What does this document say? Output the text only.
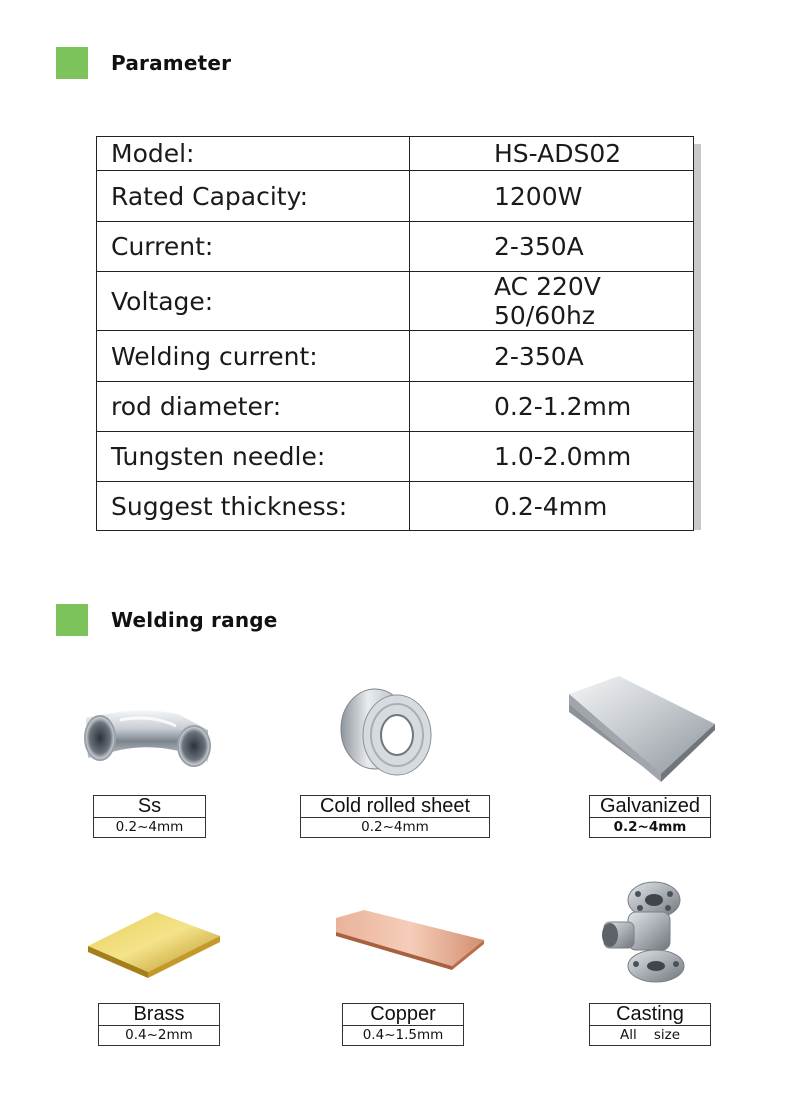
Parameter
Model:	HS-ADS02
Rated Capacity:	1200W
Current:	2-350A
Voltage:	AC 220V 50/60hz
Welding current:	2-350A
rod diameter:	0.2-1.2mm
Tungsten needle:	1.0-2.0mm
Suggest thickness:	0.2-4mm
Welding range
Ss
0.2~4mm
Cold rolled sheet
0.2~4mm
Galvanized
0.2~4mm
Brass
0.4~2mm
Copper
0.4~1.5mm
Casting
All    size
